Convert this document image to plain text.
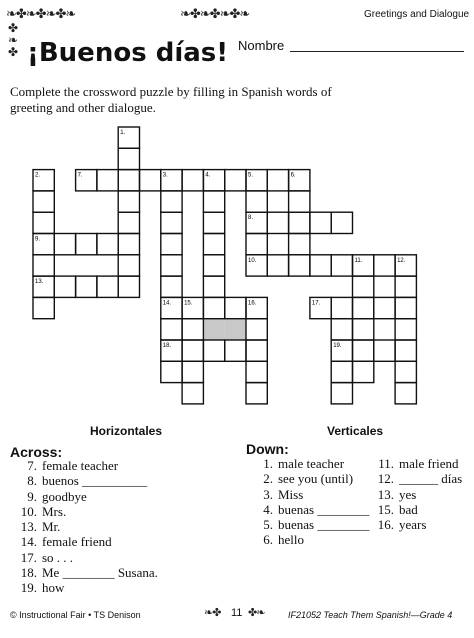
❧✤❧✤❧✤❧	❧✤❧✤❧✤❧
✤
❧
✤
Greetings and Dialogue
¡Buenos días! Nombre
Complete the crossword puzzle by filling in Spanish words of greeting and other dialogue.
1.
2.	3.	4.	5.	6.
7.
8.
9.
10.	11.	12.
13.
14. 15.	16.	17.
18.	19.
Horizontales	Verticales
Across:	Down:
7. female teacher
8. buenos __________
9. goodbye
10. Mrs.
13. Mr.
14. female friend
17. so . . .
18. Me ________ Susana.
19. how
1. male teacher
2. see you (until)
3. Miss
4. buenas ________
5. buenas ________
6. hello
11. male friend
12. ______ días
13. yes
15. bad
16. years
© Instructional Fair • TS Denison	❧✤ 11 ✤❧	IF21052 Teach Them Spanish!—Grade 4
